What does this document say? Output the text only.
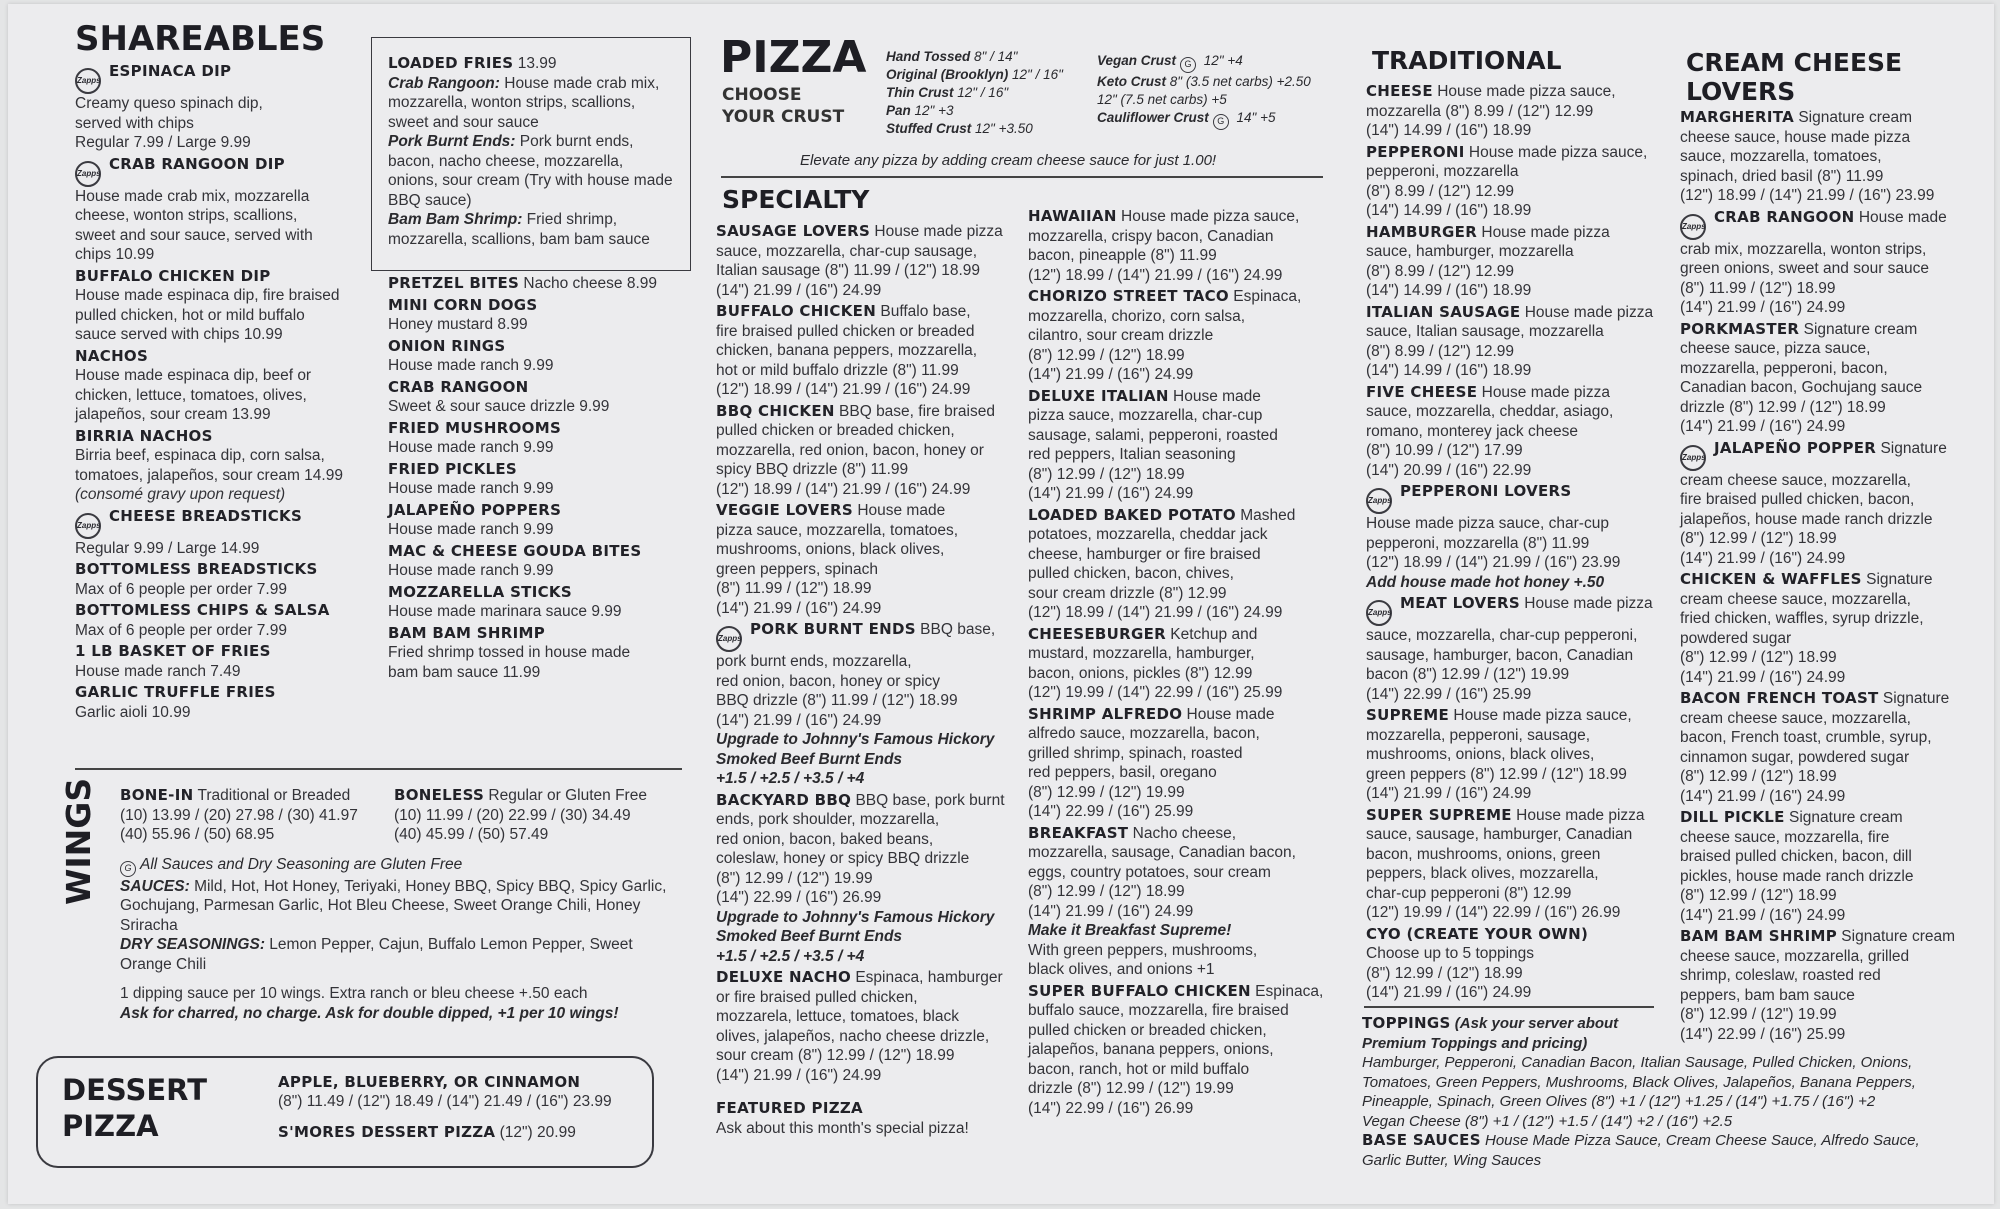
SHAREABLES
ZappsESPINACA DIP
Creamy queso spinach dip,
served with chips
Regular 7.99 / Large 9.99
ZappsCRAB RANGOON DIP
House made crab mix, mozzarella
cheese, wonton strips, scallions,
sweet and sour sauce, served with
chips 10.99
BUFFALO CHICKEN DIP
House made espinaca dip, fire braised
pulled chicken, hot or mild buffalo
sauce served with chips 10.99
NACHOS
House made espinaca dip, beef or
chicken, lettuce, tomatoes, olives,
jalapeños, sour cream 13.99
BIRRIA NACHOS
Birria beef, espinaca dip, corn salsa,
tomatoes, jalapeños, sour cream 14.99
(consomé gravy upon request)
ZappsCHEESE BREADSTICKS
Regular 9.99 / Large 14.99
BOTTOMLESS BREADSTICKS
Max of 6 people per order 7.99
BOTTOMLESS CHIPS & SALSA
Max of 6 people per order 7.99
1 LB BASKET OF FRIES
House made ranch 7.49
GARLIC TRUFFLE FRIES
Garlic aioli 10.99
LOADED FRIES 13.99
Crab Rangoon: House made crab mix, mozzarella, wonton strips, scallions, sweet and sour sauce
Pork Burnt Ends: Pork burnt ends, bacon, nacho cheese, mozzarella, onions, sour cream (Try with house made BBQ sauce)
Bam Bam Shrimp: Fried shrimp, mozzarella, scallions, bam bam sauce
PRETZEL BITES Nacho cheese 8.99
MINI CORN DOGS
Honey mustard 8.99
ONION RINGS
House made ranch 9.99
CRAB RANGOON
Sweet & sour sauce drizzle 9.99
FRIED MUSHROOMS
House made ranch 9.99
FRIED PICKLES
House made ranch 9.99
JALAPEÑO POPPERS
House made ranch 9.99
MAC & CHEESE GOUDA BITES
House made ranch 9.99
MOZZARELLA STICKS
House made marinara sauce 9.99
BAM BAM SHRIMP
Fried shrimp tossed in house made
bam bam sauce 11.99
WINGS BONE-IN Traditional or Breaded
(10) 13.99 / (20) 27.98 / (30) 41.97
(40) 55.96 / (50) 68.95
BONELESS Regular or Gluten Free
(10) 11.99 / (20) 22.99 / (30) 34.49
(40) 45.99 / (50) 57.49
G All Sauces and Dry Seasoning are Gluten Free
SAUCES: Mild, Hot, Hot Honey, Teriyaki, Honey BBQ, Spicy BBQ, Spicy Garlic, Gochujang, Parmesan Garlic, Hot Bleu Cheese, Sweet Orange Chili, Honey Sriracha
DRY SEASONINGS: Lemon Pepper, Cajun, Buffalo Lemon Pepper, Sweet Orange Chili
1 dipping sauce per 10 wings. Extra ranch or bleu cheese +.50 each
Ask for charred, no charge. Ask for double dipped, +1 per 10 wings!
DESSERT
PIZZA
APPLE, BLUEBERRY, OR CINNAMON
(8") 11.49 / (12") 18.49 / (14") 21.49 / (16") 23.99
S'MORES DESSERT PIZZA (12") 20.99
PIZZA
CHOOSE
YOUR CRUST
Hand Tossed 8" / 14"
Original (Brooklyn) 12" / 16"
Thin Crust 12" / 16"
Pan 12" +3
Stuffed Crust 12" +3.50
Vegan Crust G 12" +4
Keto Crust 8" (3.5 net carbs) +2.50
12" (7.5 net carbs) +5
Cauliflower Crust G 14" +5
Elevate any pizza by adding cream cheese sauce for just 1.00!
SPECIALTY
SAUSAGE LOVERS House made pizza
sauce, mozzarella, char-cup sausage,
Italian sausage (8") 11.99 / (12") 18.99
(14") 21.99 / (16") 24.99
BUFFALO CHICKEN Buffalo base,
fire braised pulled chicken or breaded
chicken, banana peppers, mozzarella,
hot or mild buffalo drizzle (8") 11.99
(12") 18.99 / (14") 21.99 / (16") 24.99
BBQ CHICKEN BBQ base, fire braised
pulled chicken or breaded chicken,
mozzarella, red onion, bacon, honey or
spicy BBQ drizzle (8") 11.99
(12") 18.99 / (14") 21.99 / (16") 24.99
VEGGIE LOVERS House made
pizza sauce, mozzarella, tomatoes,
mushrooms, onions, black olives,
green peppers, spinach
(8") 11.99 / (12") 18.99
(14") 21.99 / (16") 24.99
ZappsPORK BURNT ENDS BBQ base,
pork burnt ends, mozzarella,
red onion, bacon, honey or spicy
BBQ drizzle (8") 11.99 / (12") 18.99
(14") 21.99 / (16") 24.99
Upgrade to Johnny's Famous Hickory
Smoked Beef Burnt Ends
+1.5 / +2.5 / +3.5 / +4
BACKYARD BBQ BBQ base, pork burnt
ends, pork shoulder, mozzarella,
red onion, bacon, baked beans,
coleslaw, honey or spicy BBQ drizzle
(8") 12.99 / (12") 19.99
(14") 22.99 / (16") 26.99
Upgrade to Johnny's Famous Hickory
Smoked Beef Burnt Ends
+1.5 / +2.5 / +3.5 / +4
DELUXE NACHO Espinaca, hamburger
or fire braised pulled chicken,
mozzarela, lettuce, tomatoes, black
olives, jalapeños, nacho cheese drizzle,
sour cream (8") 12.99 / (12") 18.99
(14") 21.99 / (16") 24.99
FEATURED PIZZA
Ask about this month's special pizza!
HAWAIIAN House made pizza sauce,
mozzarella, crispy bacon, Canadian
bacon, pineapple (8") 11.99
(12") 18.99 / (14") 21.99 / (16") 24.99
CHORIZO STREET TACO Espinaca,
mozzarella, chorizo, corn salsa,
cilantro, sour cream drizzle
(8") 12.99 / (12") 18.99
(14") 21.99 / (16") 24.99
DELUXE ITALIAN House made
pizza sauce, mozzarella, char-cup
sausage, salami, pepperoni, roasted
red peppers, Italian seasoning
(8") 12.99 / (12") 18.99
(14") 21.99 / (16") 24.99
LOADED BAKED POTATO Mashed
potatoes, mozzarella, cheddar jack
cheese, hamburger or fire braised
pulled chicken, bacon, chives,
sour cream drizzle (8") 12.99
(12") 18.99 / (14") 21.99 / (16") 24.99
CHEESEBURGER Ketchup and
mustard, mozzarella, hamburger,
bacon, onions, pickles (8") 12.99
(12") 19.99 / (14") 22.99 / (16") 25.99
SHRIMP ALFREDO House made
alfredo sauce, mozzarella, bacon,
grilled shrimp, spinach, roasted
red peppers, basil, oregano
(8") 12.99 / (12") 19.99
(14") 22.99 / (16") 25.99
BREAKFAST Nacho cheese,
mozzarella, sausage, Canadian bacon,
eggs, country potatoes, sour cream
(8") 12.99 / (12") 18.99
(14") 21.99 / (16") 24.99
Make it Breakfast Supreme!
With green peppers, mushrooms,
black olives, and onions +1
SUPER BUFFALO CHICKEN Espinaca,
buffalo sauce, mozzarella, fire braised
pulled chicken or breaded chicken,
jalapeños, banana peppers, onions,
bacon, ranch, hot or mild buffalo
drizzle (8") 12.99 / (12") 19.99
(14") 22.99 / (16") 26.99
TRADITIONAL
CHEESE House made pizza sauce,
mozzarella (8") 8.99 / (12") 12.99
(14") 14.99 / (16") 18.99
PEPPERONI House made pizza sauce,
pepperoni, mozzarella
(8") 8.99 / (12") 12.99
(14") 14.99 / (16") 18.99
HAMBURGER House made pizza
sauce, hamburger, mozzarella
(8") 8.99 / (12") 12.99
(14") 14.99 / (16") 18.99
ITALIAN SAUSAGE House made pizza
sauce, Italian sausage, mozzarella
(8") 8.99 / (12") 12.99
(14") 14.99 / (16") 18.99
FIVE CHEESE House made pizza
sauce, mozzarella, cheddar, asiago,
romano, monterey jack cheese
(8") 10.99 / (12") 17.99
(14") 20.99 / (16") 22.99
ZappsPEPPERONI LOVERS
House made pizza sauce, char-cup
pepperoni, mozzarella (8") 11.99
(12") 18.99 / (14") 21.99 / (16") 23.99
Add house made hot honey +.50
ZappsMEAT LOVERS House made pizza
sauce, mozzarella, char-cup pepperoni,
sausage, hamburger, bacon, Canadian
bacon (8") 12.99 / (12") 19.99
(14") 22.99 / (16") 25.99
SUPREME House made pizza sauce,
mozzarella, pepperoni, sausage,
mushrooms, onions, black olives,
green peppers (8") 12.99 / (12") 18.99
(14") 21.99 / (16") 24.99
SUPER SUPREME House made pizza
sauce, sausage, hamburger, Canadian
bacon, mushrooms, onions, green
peppers, black olives, mozzarella,
char-cup pepperoni (8") 12.99
(12") 19.99 / (14") 22.99 / (16") 26.99
CYO (CREATE YOUR OWN)
Choose up to 5 toppings
(8") 12.99 / (12") 18.99
(14") 21.99 / (16") 24.99
TOPPINGS (Ask your server about Premium Toppings and pricing)
Hamburger, Pepperoni, Canadian Bacon, Italian Sausage, Pulled Chicken, Onions, Tomatoes, Green Peppers, Mushrooms, Black Olives, Jalapeños, Banana Peppers, Pineapple, Spinach, Green Olives (8") +1 / (12") +1.25 / (14") +1.75 / (16") +2
Vegan Cheese (8") +1 / (12") +1.5 / (14") +2 / (16") +2.5
BASE SAUCES House Made Pizza Sauce, Cream Cheese Sauce, Alfredo Sauce, Garlic Butter, Wing Sauces
CREAM CHEESE
LOVERS
MARGHERITA Signature cream
cheese sauce, house made pizza
sauce, mozzarella, tomatoes,
spinach, dried basil (8") 11.99
(12") 18.99 / (14") 21.99 / (16") 23.99
ZappsCRAB RANGOON House made
crab mix, mozzarella, wonton strips,
green onions, sweet and sour sauce
(8") 11.99 / (12") 18.99
(14") 21.99 / (16") 24.99
PORKMASTER Signature cream
cheese sauce, pizza sauce,
mozzarella, pepperoni, bacon,
Canadian bacon, Gochujang sauce
drizzle (8") 12.99 / (12") 18.99
(14") 21.99 / (16") 24.99
ZappsJALAPEÑO POPPER Signature
cream cheese sauce, mozzarella,
fire braised pulled chicken, bacon,
jalapeños, house made ranch drizzle
(8") 12.99 / (12") 18.99
(14") 21.99 / (16") 24.99
CHICKEN & WAFFLES Signature
cream cheese sauce, mozzarella,
fried chicken, waffles, syrup drizzle,
powdered sugar
(8") 12.99 / (12") 18.99
(14") 21.99 / (16") 24.99
BACON FRENCH TOAST Signature
cream cheese sauce, mozzarella,
bacon, French toast, crumble, syrup,
cinnamon sugar, powdered sugar
(8") 12.99 / (12") 18.99
(14") 21.99 / (16") 24.99
DILL PICKLE Signature cream
cheese sauce, mozzarella, fire
braised pulled chicken, bacon, dill
pickles, house made ranch drizzle
(8") 12.99 / (12") 18.99
(14") 21.99 / (16") 24.99
BAM BAM SHRIMP Signature cream
cheese sauce, mozzarella, grilled
shrimp, coleslaw, roasted red
peppers, bam bam sauce
(8") 12.99 / (12") 19.99
(14") 22.99 / (16") 25.99
